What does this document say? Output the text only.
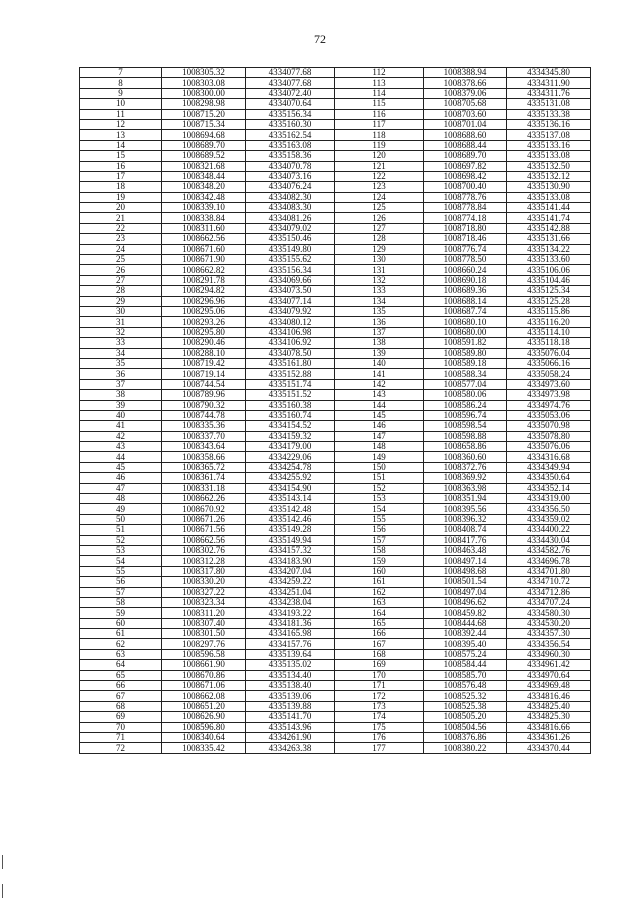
72
7	1008305.32	4334077.68	112	1008388.94	4334345.80
8	1008303.08	4334077.68	113	1008378.66	4334311.90
9	1008300.00	4334072.40	114	1008379.06	4334311.76
10	1008298.98	4334070.64	115	1008705.68	4335131.08
11	1008715.20	4335156.34	116	1008703.60	4335133.38
12	1008715.34	4335160.30	117	1008701.04	4335136.16
13	1008694.68	4335162.54	118	1008688.60	4335137.08
14	1008689.70	4335163.08	119	1008688.44	4335133.16
15	1008689.52	4335158.36	120	1008689.70	4335133.08
16	1008321.68	4334070.78	121	1008697.82	4335132.50
17	1008348.44	4334073.16	122	1008698.42	4335132.12
18	1008348.20	4334076.24	123	1008700.40	4335130.90
19	1008342.48	4334082.30	124	1008778.76	4335133.08
20	1008339.10	4334083.30	125	1008778.84	4335141.44
21	1008338.84	4334081.26	126	1008774.18	4335141.74
22	1008311.60	4334079.02	127	1008718.80	4335142.88
23	1008662.56	4335150.46	128	1008718.46	4335131.66
24	1008671.60	4335149.80	129	1008776.74	4335134.22
25	1008671.90	4335155.62	130	1008778.50	4335133.60
26	1008662.82	4335156.34	131	1008660.24	4335106.06
27	1008291.78	4334069.66	132	1008690.18	4335104.46
28	1008294.82	4334073.50	133	1008689.36	4335125.34
29	1008296.96	4334077.14	134	1008688.14	4335125.28
30	1008295.06	4334079.92	135	1008687.74	4335115.86
31	1008293.26	4334080.12	136	1008680.10	4335116.20
32	1008295.80	4334106.98	137	1008680.00	4335114.10
33	1008290.46	4334106.92	138	1008591.82	4335118.18
34	1008288.10	4334078.50	139	1008589.80	4335076.04
35	1008719.42	4335161.80	140	1008589.18	4335066.16
36	1008719.14	4335152.88	141	1008588.34	4335058.24
37	1008744.54	4335151.74	142	1008577.04	4334973.60
38	1008789.96	4335151.52	143	1008580.06	4334973.98
39	1008790.32	4335160.38	144	1008586.24	4334974.76
40	1008744.78	4335160.74	145	1008596.74	4335053.06
41	1008335.36	4334154.52	146	1008598.54	4335070.98
42	1008337.70	4334159.32	147	1008598.88	4335078.80
43	1008343.64	4334179.00	148	1008658.86	4335076.06
44	1008358.66	4334229.06	149	1008360.60	4334316.68
45	1008365.72	4334254.78	150	1008372.76	4334349.94
46	1008361.74	4334255.92	151	1008369.92	4334350.64
47	1008331.18	4334154.90	152	1008363.98	4334352.14
48	1008662.26	4335143.14	153	1008351.94	4334319.00
49	1008670.92	4335142.48	154	1008395.56	4334356.50
50	1008671.26	4335142.46	155	1008396.32	4334359.02
51	1008671.56	4335149.28	156	1008408.74	4334400.22
52	1008662.56	4335149.94	157	1008417.76	4334430.04
53	1008302.76	4334157.32	158	1008463.48	4334582.76
54	1008312.28	4334183.90	159	1008497.14	4334696.78
55	1008317.80	4334207.04	160	1008498.68	4334701.80
56	1008330.20	4334259.22	161	1008501.54	4334710.72
57	1008327.22	4334251.04	162	1008497.04	4334712.86
58	1008323.34	4334238.04	163	1008496.62	4334707.24
59	1008311.20	4334193.22	164	1008459.82	4334580.30
60	1008307.40	4334181.36	165	1008444.68	4334530.20
61	1008301.50	4334165.98	166	1008392.44	4334357.30
62	1008297.76	4334157.76	167	1008395.40	4334356.54
63	1008596.58	4335139.64	168	1008575.24	4334960.30
64	1008661.90	4335135.02	169	1008584.44	4334961.42
65	1008670.86	4335134.40	170	1008585.70	4334970.64
66	1008671.06	4335138.40	171	1008576.48	4334969.48
67	1008662.08	4335139.06	172	1008525.32	4334816.46
68	1008651.20	4335139.88	173	1008525.38	4334825.40
69	1008626.90	4335141.70	174	1008505.20	4334825.30
70	1008596.80	4335143.96	175	1008504.56	4334816.66
71	1008340.64	4334261.90	176	1008376.86	4334361.26
72	1008335.42	4334263.38	177	1008380.22	4334370.44
